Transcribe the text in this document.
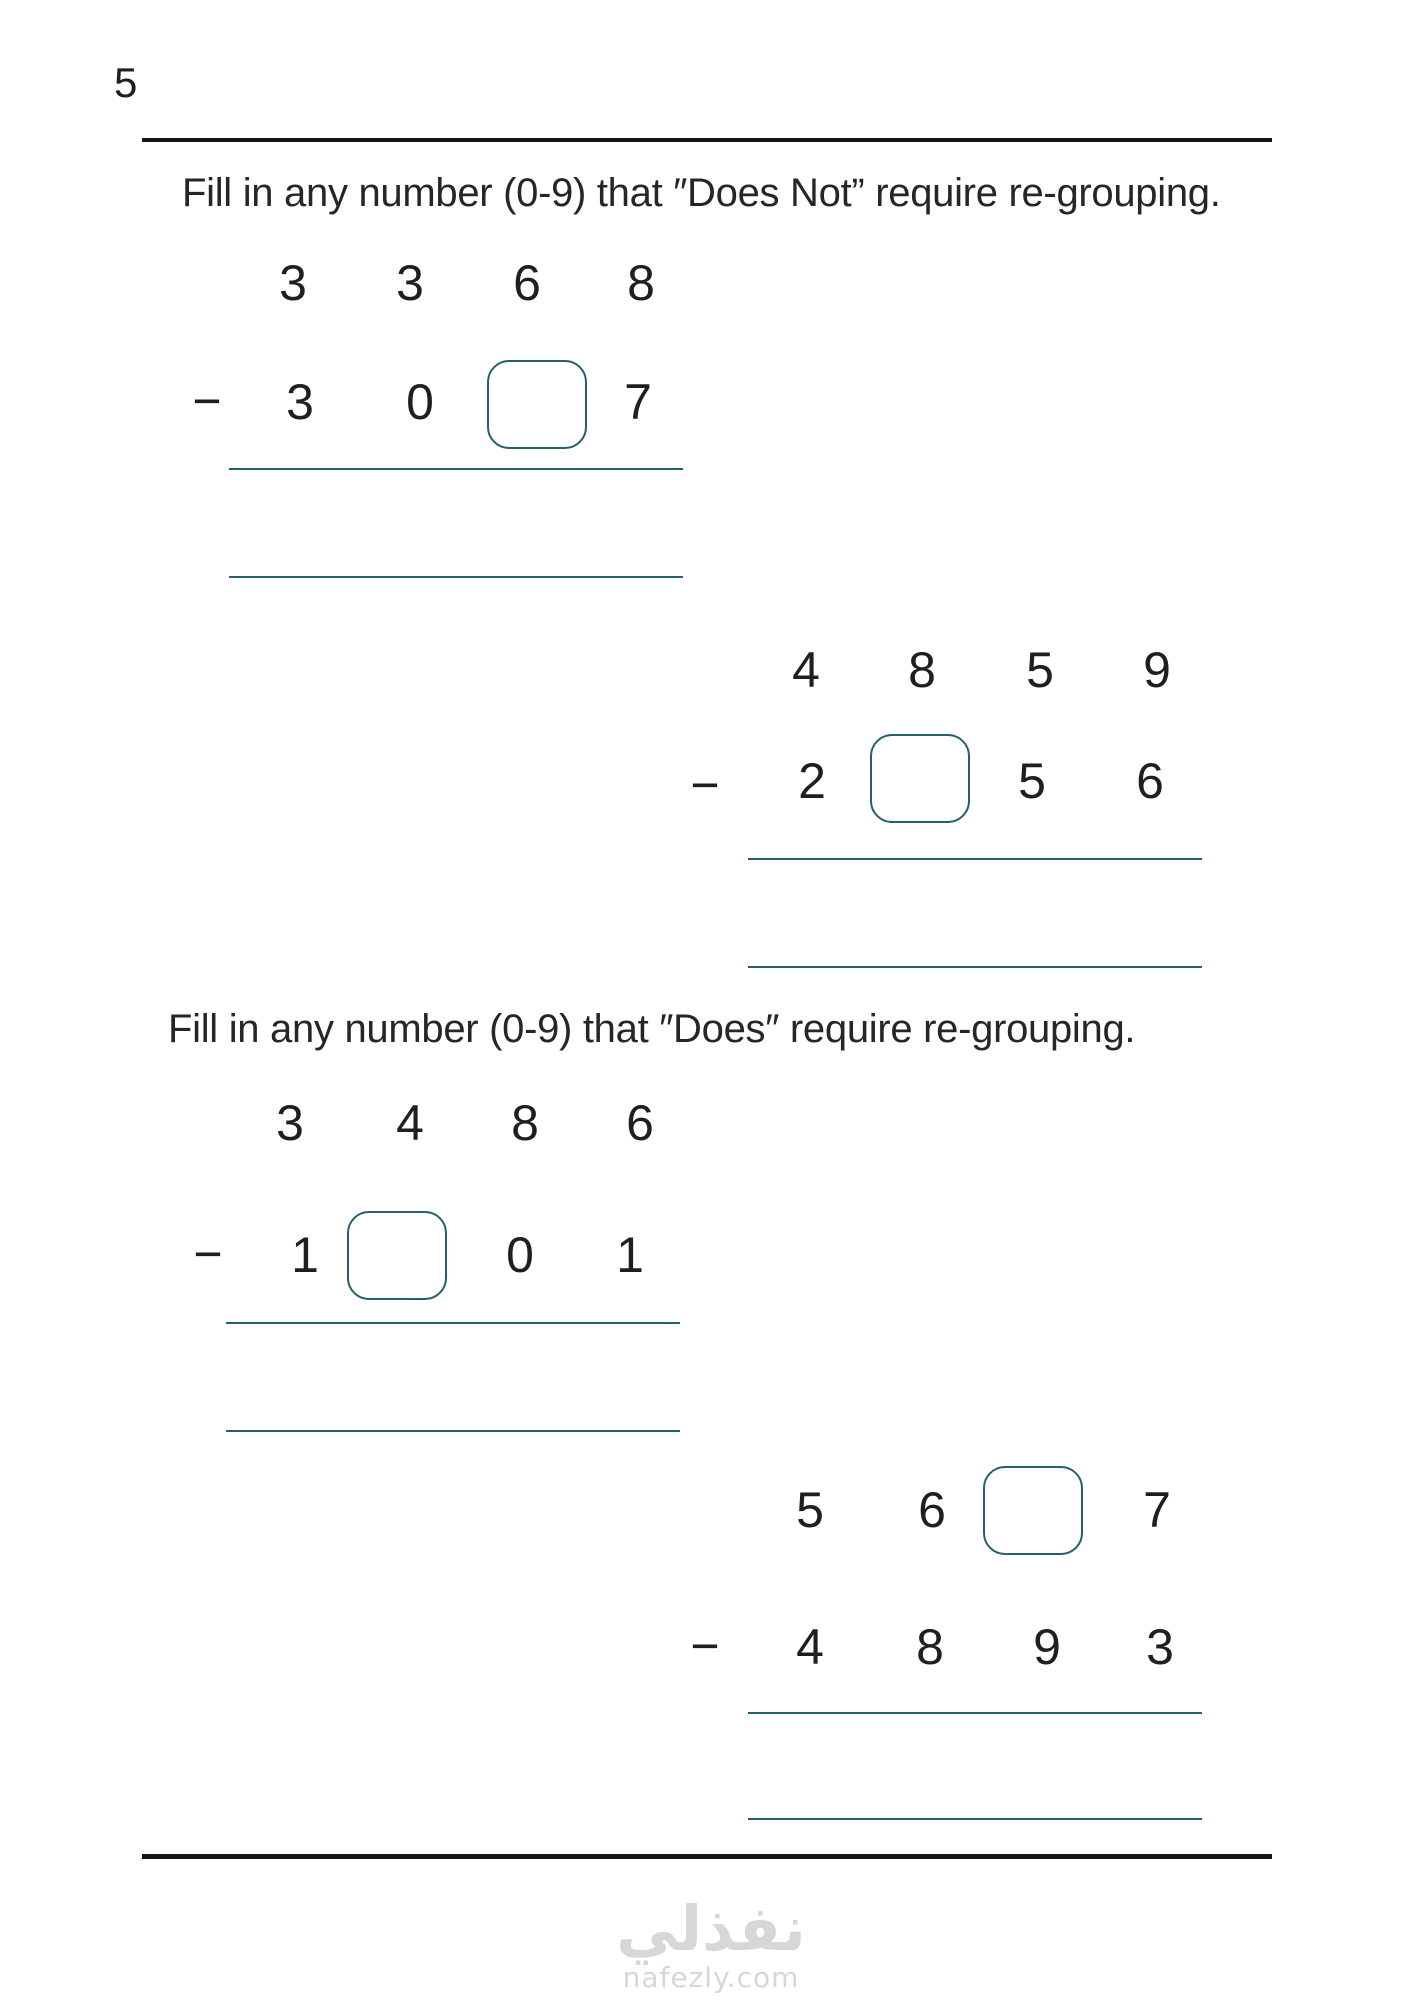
5
Fill in any number (0-9) that ″Does Not” require re-grouping.
3 3 6 8
− 3 0	7
4 8 5 9
− 2	5 6
Fill in any number (0-9) that ″Does″ require re-grouping.
3 4 8 6
− 1	0 1
5 6	7
− 4 8 9 3
نفذلي
nafezly.com
